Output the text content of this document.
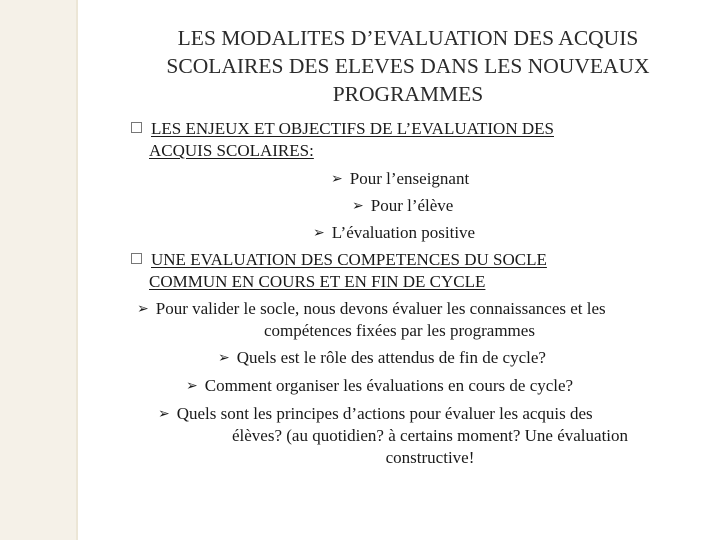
LES MODALITES D’EVALUATION DES ACQUIS SCOLAIRES DES ELEVES DANS LES NOUVEAUX PROGRAMMES
LES ENJEUX ET OBJECTIFS DE L’EVALUATION DES
ACQUIS SCOLAIRES:
➢ Pour l’enseignant
➢ Pour l’élève
➢ L’évaluation positive
UNE EVALUATION DES COMPETENCES DU SOCLE
COMMUN EN COURS ET EN FIN DE CYCLE
➢ Pour valider le socle, nous devons évaluer les connaissances et les
compétences fixées par les programmes
➢ Quels est le rôle des attendus de fin de cycle?
➢ Comment organiser les évaluations en cours de cycle?
➢ Quels sont les principes d’actions pour évaluer les acquis des
élèves? (au quotidien? à certains moment? Une évaluation
constructive!
